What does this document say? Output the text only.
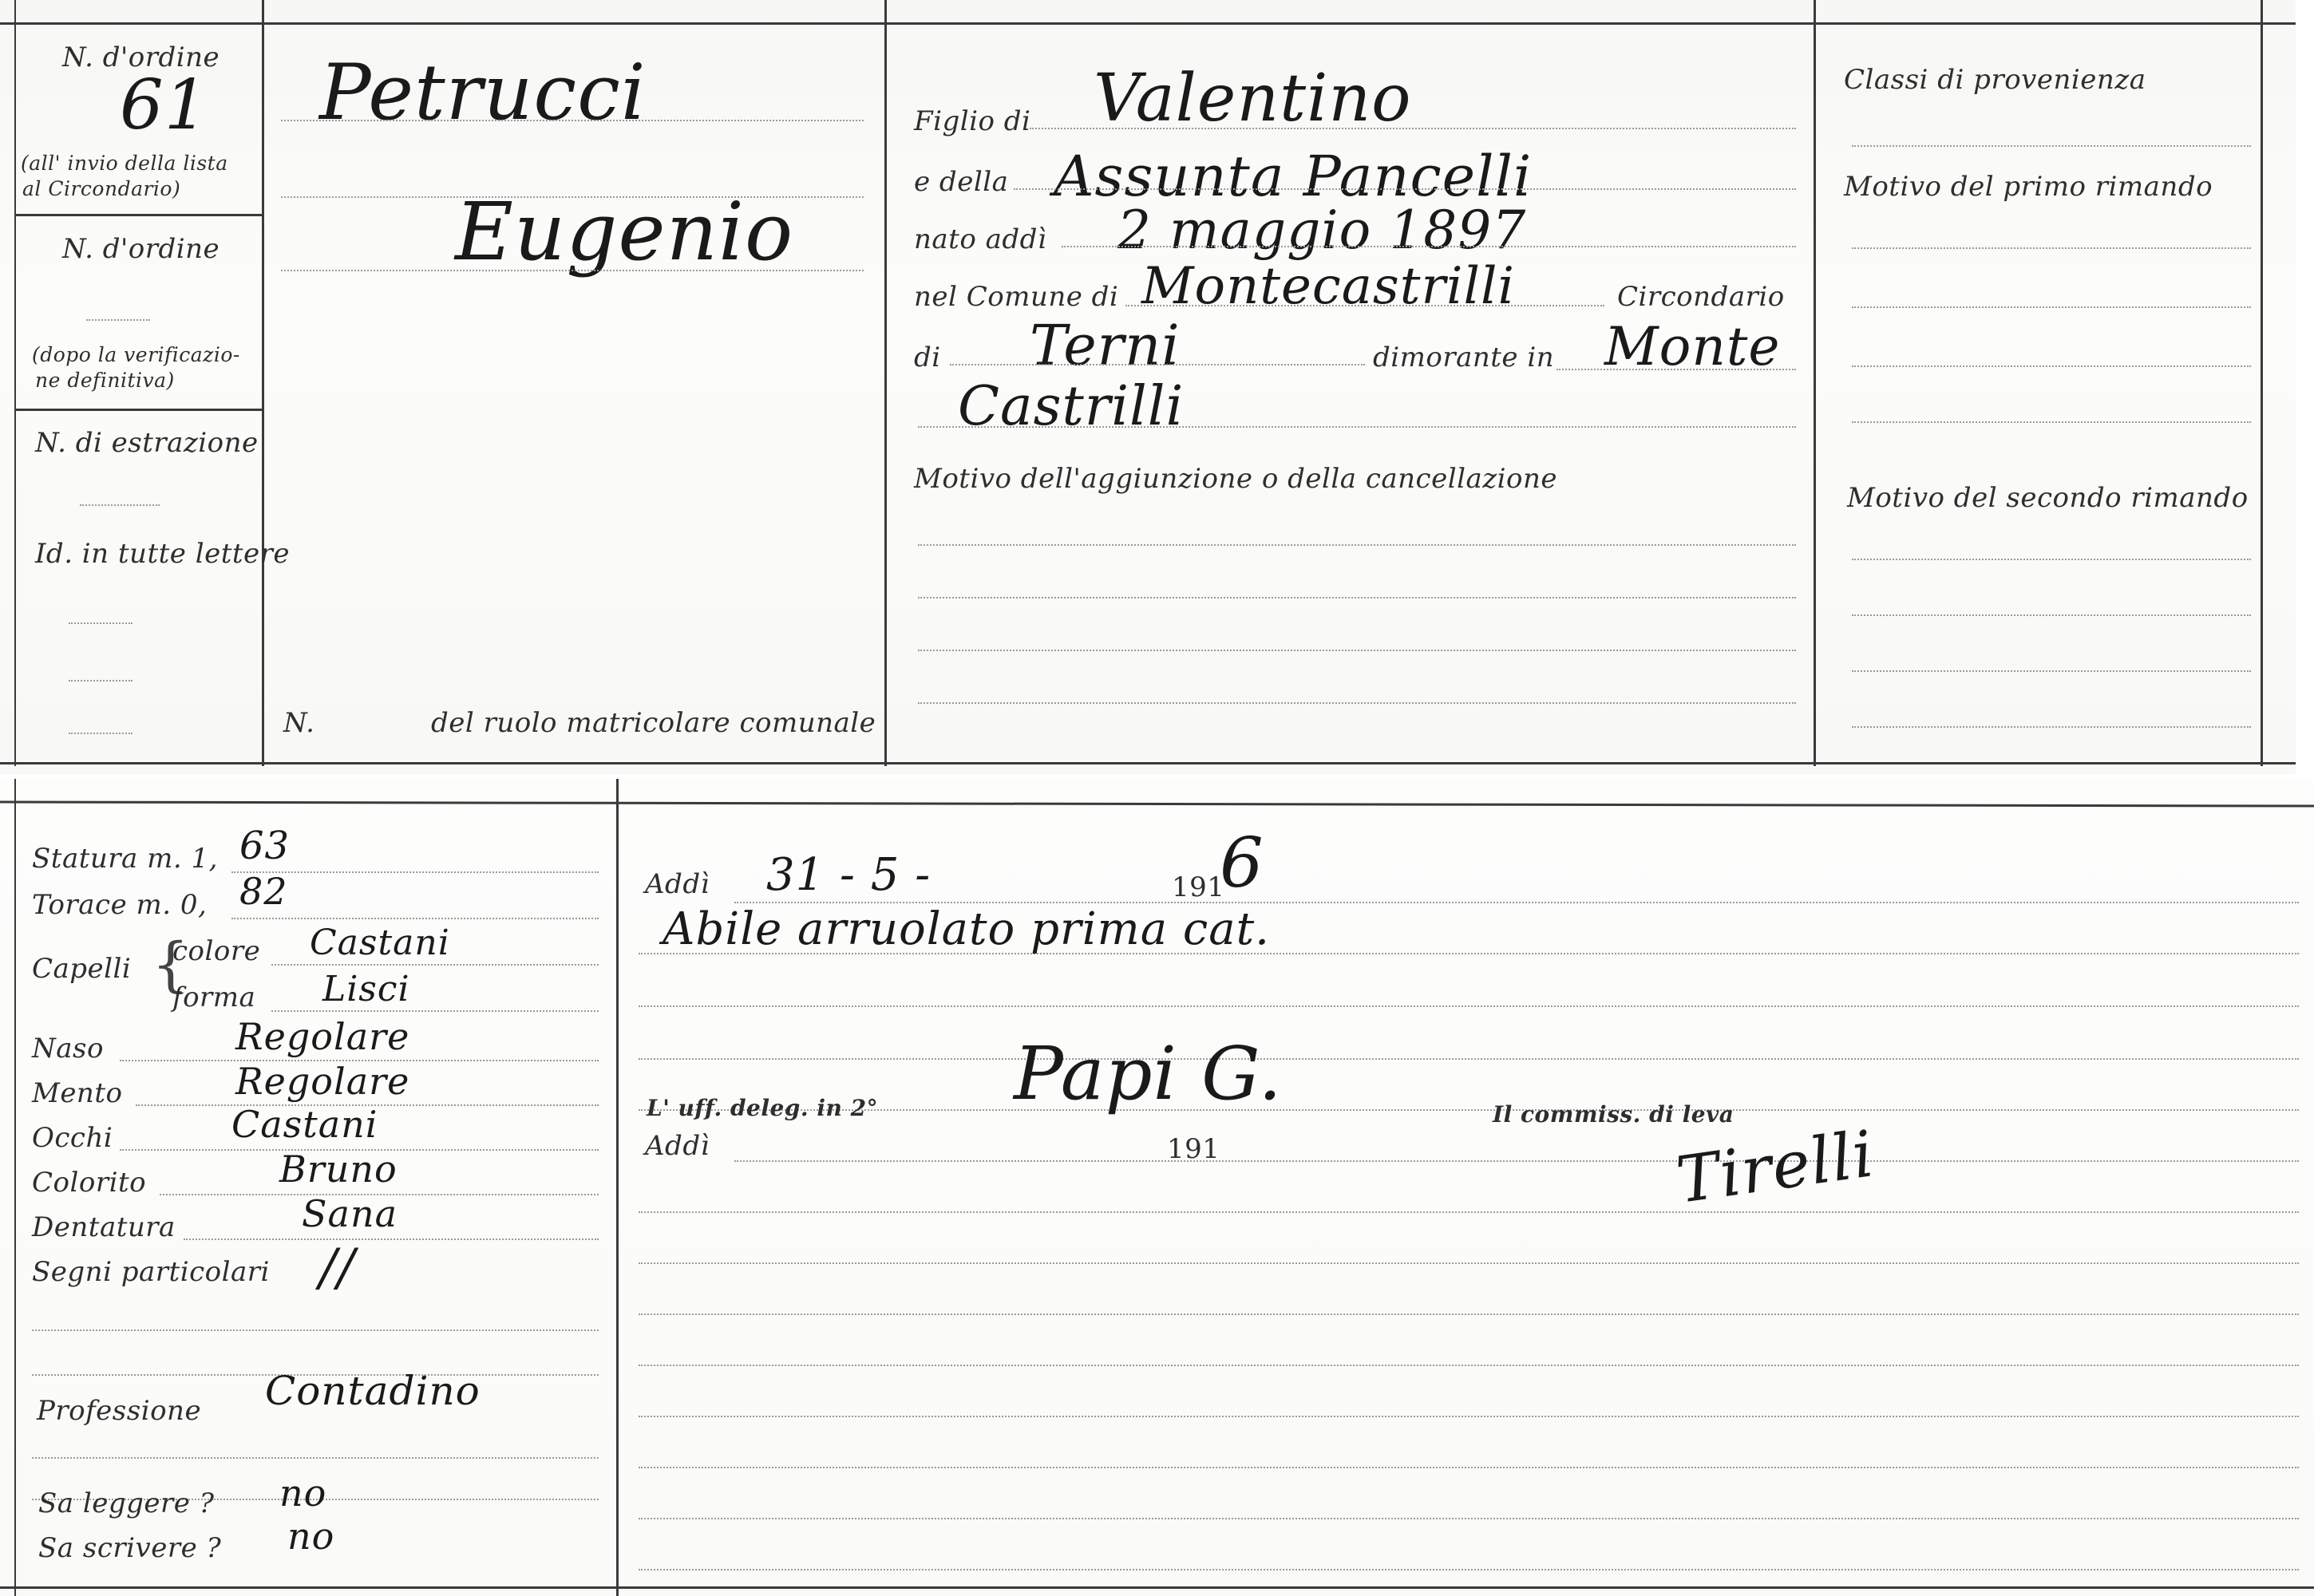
N. d'ordine
61
(all' invio della lista
al Circondario)
N. d'ordine
(dopo la verificazio-
ne definitiva)
N. di estrazione
Id. in tutte lettere
Petrucci
Eugenio
N.	del ruolo matricolare comunale
Figlio di Valentino
e della Assunta Pancelli
nato addì 2 maggio 1897
nel Comune di Montecastrilli	Circondario
di Terni	dimorante in Monte
Castrilli
Motivo dell'aggiunzione o della cancellazione
Classi di provenienza
Motivo del primo rimando
Motivo del secondo rimando
Statura m. 1, 63
Torace m. 0, 82
Capelli {
colore Castani
forma Lisci
Naso	Regolare
Mento	Regolare
Occhi	Castani
Colorito	Bruno
Dentatura	Sana
Segni particolari //
Professione Contadino
Sa leggere ? no
Sa scrivere ? no
Addì 31 - 5 -	191
6
Abile arruolato prima cat.
L' uff. deleg. in 2°
Addì	191
Papi G.	Il commiss. di leva
Tirelli
